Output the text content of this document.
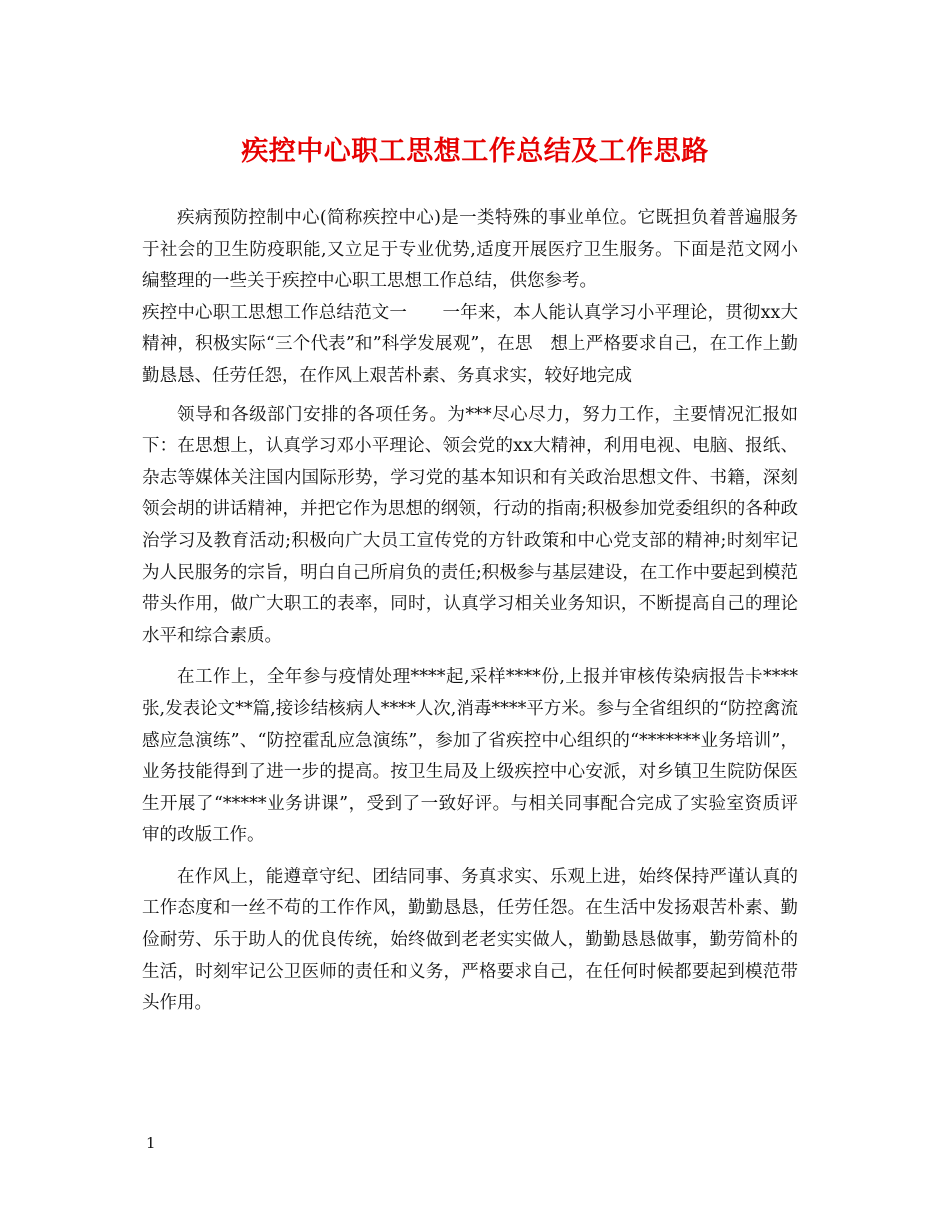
疾控中心职工思想工作总结及工作思路

疾病预防控制中心(简称疾控中心)是一类特殊的事业单位。它既担负着普遍服务于社会的卫生防疫职能,又立足于专业优势,适度开展医疗卫生服务。下面是范文网小编整理的一些关于疾控中心职工思想工作总结，供您参考。

疾控中心职工思想工作总结范文一　　一年来，本人能认真学习小平理论，贯彻xx大精神，积极实际“三个代表”和”科学发展观”，在思　想上严格要求自己，在工作上勤勤恳恳、任劳任怨，在作风上艰苦朴素、务真求实，较好地完成

领导和各级部门安排的各项任务。为***尽心尽力，努力工作，主要情况汇报如下：在思想上，认真学习邓小平理论、领会党的xx大精神，利用电视、电脑、报纸、杂志等媒体关注国内国际形势，学习党的基本知识和有关政治思想文件、书籍，深刻领会胡的讲话精神，并把它作为思想的纲领，行动的指南;积极参加党委组织的各种政治学习及教育活动;积极向广大员工宣传党的方针政策和中心党支部的精神;时刻牢记为人民服务的宗旨，明白自己所肩负的责任;积极参与基层建设，在工作中要起到模范带头作用，做广大职工的表率，同时，认真学习相关业务知识，不断提高自己的理论水平和综合素质。

在工作上，全年参与疫情处理****起,采样****份,上报并审核传染病报告卡****张,发表论文**篇,接诊结核病人****人次,消毒****平方米。参与全省组织的“防控禽流感应急演练”、“防控霍乱应急演练”，参加了省疾控中心组织的“*******业务培训”，业务技能得到了进一步的提高。按卫生局及上级疾控中心安派，对乡镇卫生院防保医生开展了“*****业务讲课”，受到了一致好评。与相关同事配合完成了实验室资质评审的改版工作。

在作风上，能遵章守纪、团结同事、务真求实、乐观上进，始终保持严谨认真的工作态度和一丝不苟的工作作风，勤勤恳恳，任劳任怨。在生活中发扬艰苦朴素、勤俭耐劳、乐于助人的优良传统，始终做到老老实实做人，勤勤恳恳做事，勤劳简朴的生活，时刻牢记公卫医师的责任和义务，严格要求自己，在任何时候都要起到模范带头作用。

1
